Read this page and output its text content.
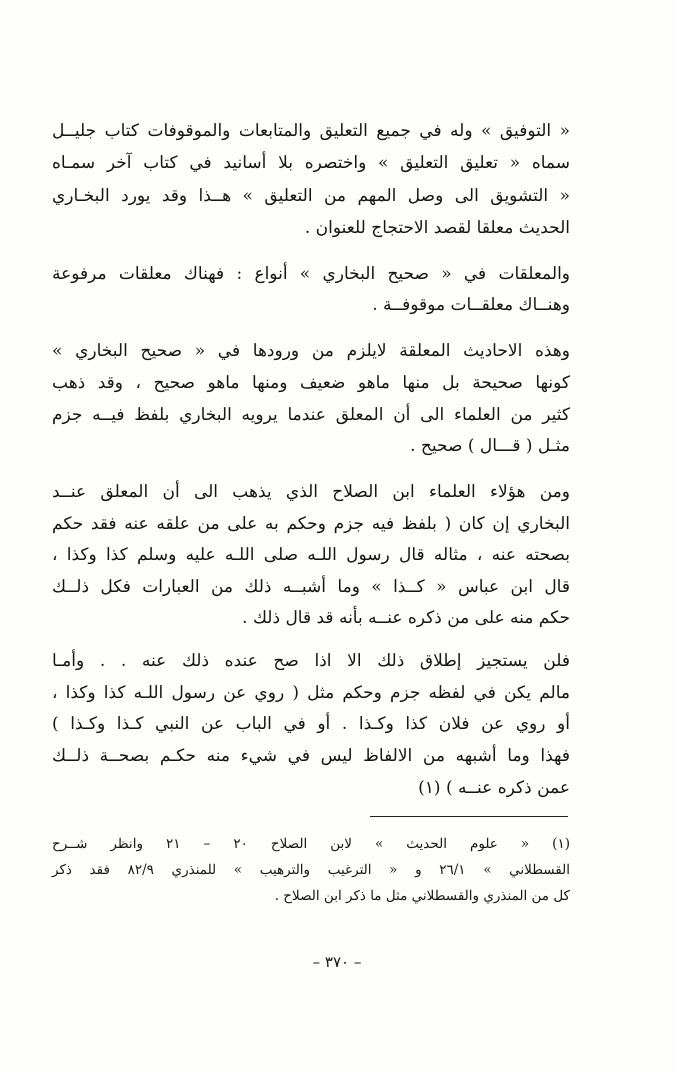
« التوفيق » وله في جميع التعليق والمتابعات والموقوفات كتاب جليــل
سماه « تعليق التعليق » واختصره بلا أسانيد في كتاب آخر سمـاه
« التشويق الى وصل المهم من التعليق » هــذا وقد يورد البخـاري
الحديث معلقا لقصد الاحتجاج للعنوان .
والمعلقات في « صحيح البخاري » أنواع : فهناك معلقات مرفوعة
وهنــاك معلقــات موقوفــة .
وهذه الاحاديث المعلقة لايلزم من ورودها في « صحيح البخاري »
كونها صحيحة بل منها ماهو ضعيف ومنها ماهو صحيح ، وقد ذهب
كثير من العلماء الى أن المعلق عندما يرويه البخاري بلفظ فيــه جزم
مثـل ( قـــال ) صحيح .
ومن هؤلاء العلماء ابن الصلاح الذي يذهب الى أن المعلق عنــد
البخاري إن كان ( بلفظ فيه جزم وحكم به على من علقه عنه فقد حكم
بصحته عنه ، مثاله قال رسول اللـه صلى اللـه عليه وسلم كذا وكذا ،
قال ابن عباس « كــذا » وما أشبــه ذلك من العبارات فكل ذلــك
حكم منه على من ذكره عنــه بأنه قد قال ذلك .
فلن يستجيز إطلاق ذلك الا اذا صح عنده ذلك عنه . . وأمـا
مالم يكن في لفظه جزم وحكم مثل ( روي عن رسول اللـه كذا وكذا ،
أو روي عن فلان كذا وكـذا . أو في الباب عن النبي كـذا وكـذا )
فهذا وما أشبهه من الالفاظ ليس في شيء منه حكـم بصحــة ذلــك
عمن ذكره عنــه ) (١)
(١) « علوم الحديث » لابن الصلاح ٢٠ – ٢١ وانظر شــرح
القسطلاني » ٢٦/١ و « الترغيب والترهيب » للمنذري ٨٢/٩ فقد ذكر
كل من المنذري والقسطلاني مثل ما ذكر ابن الصلاح .
– ٣٧٠ –
